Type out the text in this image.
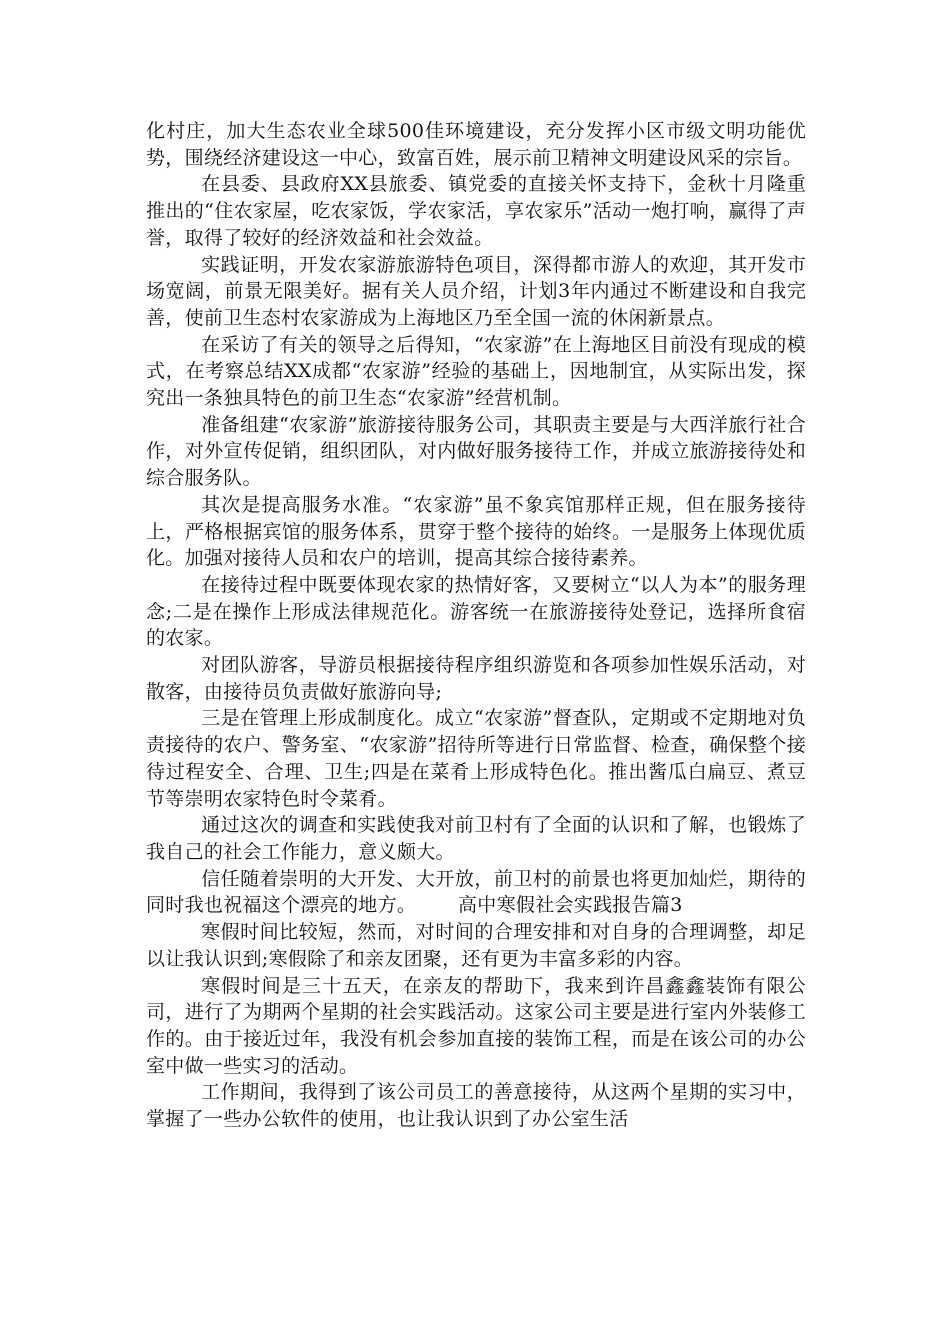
化村庄，加大生态农业全球500佳环境建设，充分发挥小区市级文明功能优势，围绕经济建设这一中心，致富百姓，展示前卫精神文明建设风采的宗旨。

在县委、县政府XX县旅委、镇党委的直接关怀支持下，金秋十月隆重推出的“住农家屋，吃农家饭，学农家活，享农家乐”活动一炮打响，赢得了声誉，取得了较好的经济效益和社会效益。

实践证明，开发农家游旅游特色项目，深得都市游人的欢迎，其开发市场宽阔，前景无限美好。据有关人员介绍，计划3年内通过不断建设和自我完善，使前卫生态村农家游成为上海地区乃至全国一流的休闲新景点。

在采访了有关的领导之后得知，“农家游”在上海地区目前没有现成的模式，在考察总结XX成都“农家游”经验的基础上，因地制宜，从实际出发，探究出一条独具特色的前卫生态“农家游”经营机制。

准备组建“农家游”旅游接待服务公司，其职责主要是与大西洋旅行社合作，对外宣传促销，组织团队，对内做好服务接待工作，并成立旅游接待处和综合服务队。

其次是提高服务水准。“农家游”虽不象宾馆那样正规，但在服务接待上，严格根据宾馆的服务体系，贯穿于整个接待的始终。一是服务上体现优质化。加强对接待人员和农户的培训，提高其综合接待素养。

在接待过程中既要体现农家的热情好客，又要树立“以人为本”的服务理念;二是在操作上形成法律规范化。游客统一在旅游接待处登记，选择所食宿的农家。

对团队游客，导游员根据接待程序组织游览和各项参加性娱乐活动，对散客，由接待员负责做好旅游向导;

三是在管理上形成制度化。成立“农家游”督查队，定期或不定期地对负责接待的农户、警务室、“农家游”招待所等进行日常监督、检查，确保整个接待过程安全、合理、卫生;四是在菜肴上形成特色化。推出酱瓜白扁豆、煮豆节等崇明农家特色时令菜肴。

通过这次的调查和实践使我对前卫村有了全面的认识和了解，也锻炼了我自己的社会工作能力，意义颇大。

信任随着崇明的大开发、大开放，前卫村的前景也将更加灿烂，期待的同时我也祝福这个漂亮的地方。 高中寒假社会实践报告篇3

寒假时间比较短，然而，对时间的合理安排和对自身的合理调整，却足以让我认识到;寒假除了和亲友团聚，还有更为丰富多彩的内容。

寒假时间是三十五天，在亲友的帮助下，我来到许昌鑫鑫装饰有限公司，进行了为期两个星期的社会实践活动。这家公司主要是进行室内外装修工作的。由于接近过年，我没有机会参加直接的装饰工程，而是在该公司的办公室中做一些实习的活动。

工作期间，我得到了该公司员工的善意接待，从这两个星期的实习中，掌握了一些办公软件的使用，也让我认识到了办公室生活
